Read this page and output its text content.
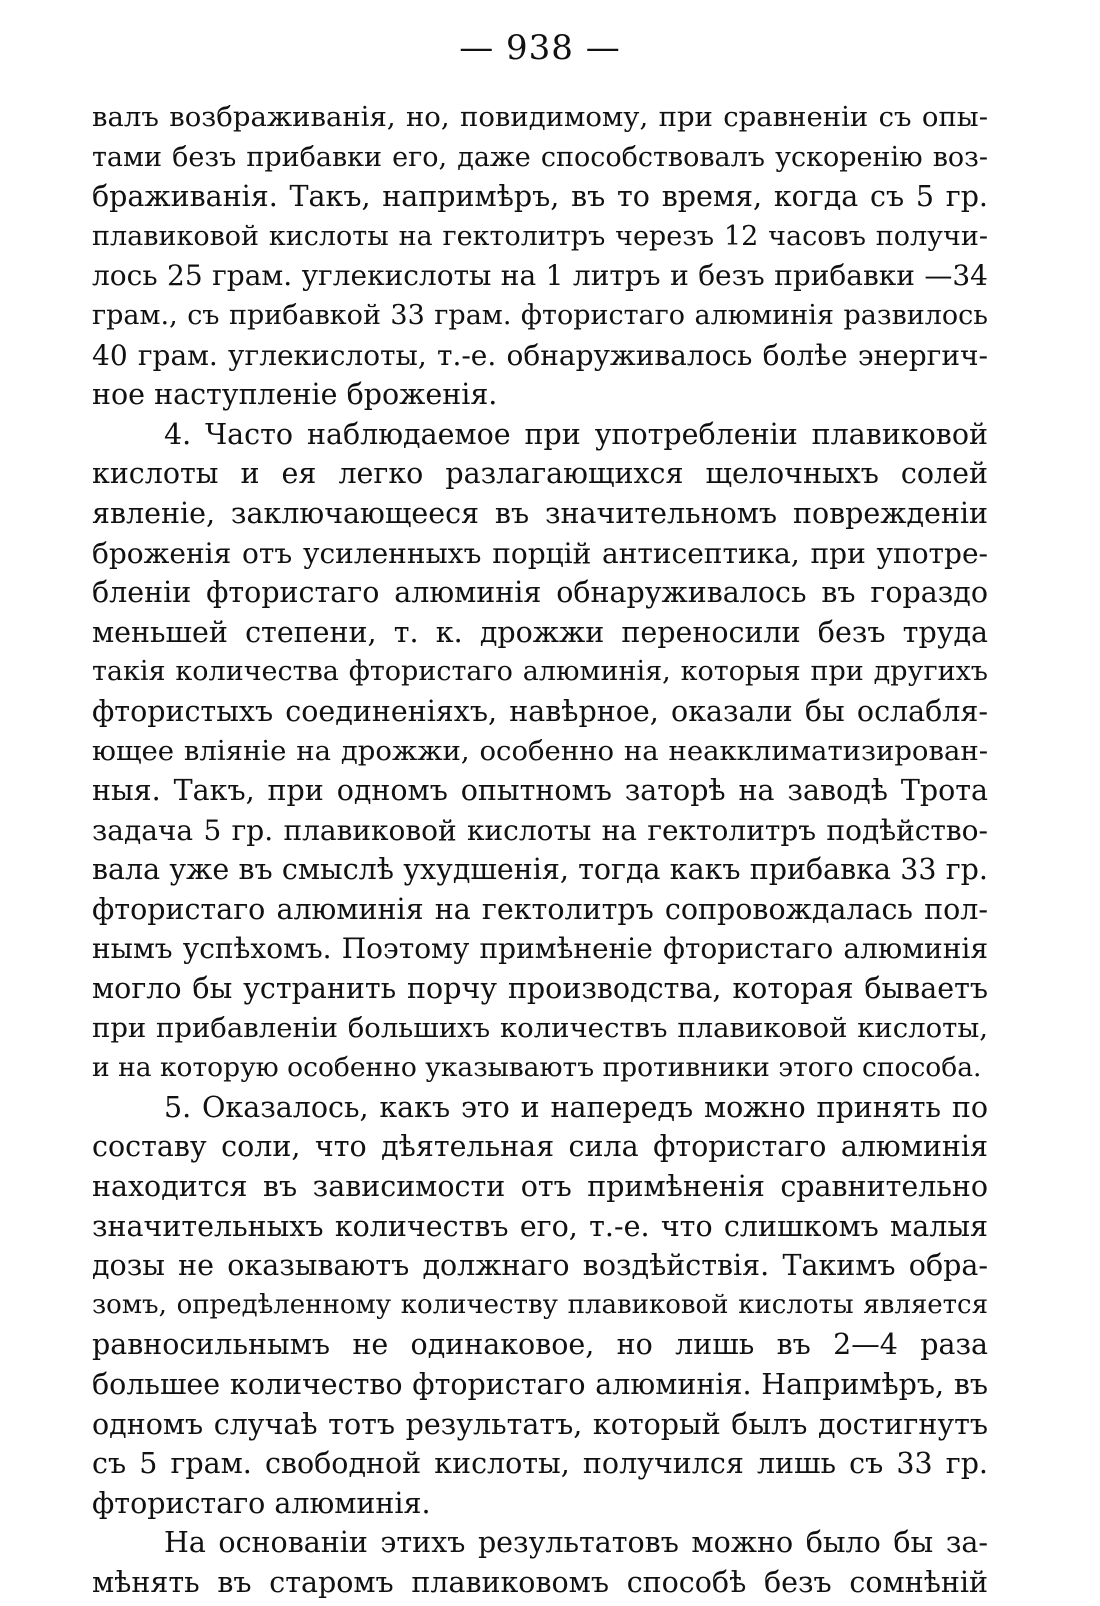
— 938 —
валъ возбраживанія, но, повидимому, при сравненіи съ опы-
тами безъ прибавки его, даже способствовалъ ускоренію воз-
браживанія. Такъ, напримѣръ, въ то время, когда съ 5 гр.
плавиковой кислоты на гектолитръ черезъ 12 часовъ получи-
лось 25 грам. углекислоты на 1 литръ и безъ прибавки —34
грам., съ прибавкой 33 грам. фтористаго алюминія развилось
40 грам. углекислоты, т.-е. обнаруживалось болѣе энергич-
ное наступленіе броженія.
4. Часто наблюдаемое при употребленіи плавиковой
кислоты и ея легко разлагающихся щелочныхъ солей
явленіе, заключающееся въ значительномъ поврежденіи
броженія отъ усиленныхъ порцій антисептика, при употре-
бленіи фтористаго алюминія обнаруживалось въ гораздо
меньшей степени, т. к. дрожжи переносили безъ труда
такія количества фтористаго алюминія, которыя при другихъ
фтористыхъ соединеніяхъ, навѣрное, оказали бы ослабля-
ющее вліяніе на дрожжи, особенно на неакклиматизирован-
ныя. Такъ, при одномъ опытномъ заторѣ на заводѣ Трота
задача 5 гр. плавиковой кислоты на гектолитръ подѣйство-
вала уже въ смыслѣ ухудшенія, тогда какъ прибавка 33 гр.
фтористаго алюминія на гектолитръ сопровождалась пол-
нымъ успѣхомъ. Поэтому примѣненіе фтористаго алюминія
могло бы устранить порчу производства, которая бываетъ
при прибавленіи большихъ количествъ плавиковой кислоты,
и на которую особенно указываютъ противники этого способа.
5. Оказалось, какъ это и напередъ можно принять по
составу соли, что дѣятельная сила фтористаго алюминія
находится въ зависимости отъ примѣненія сравнительно
значительныхъ количествъ его, т.-е. что слишкомъ малыя
дозы не оказываютъ должнаго воздѣйствія. Такимъ обра-
зомъ, опредѣленному количеству плавиковой кислоты является
равносильнымъ не одинаковое, но лишь въ 2—4 раза
большее количество фтористаго алюминія. Напримѣръ, въ
одномъ случаѣ тотъ результатъ, который былъ достигнутъ
съ 5 грам. свободной кислоты, получился лишь съ 33 гр.
фтористаго алюминія.
На основаніи этихъ результатовъ можно было бы за-
мѣнять въ старомъ плавиковомъ способѣ безъ сомнѣній
